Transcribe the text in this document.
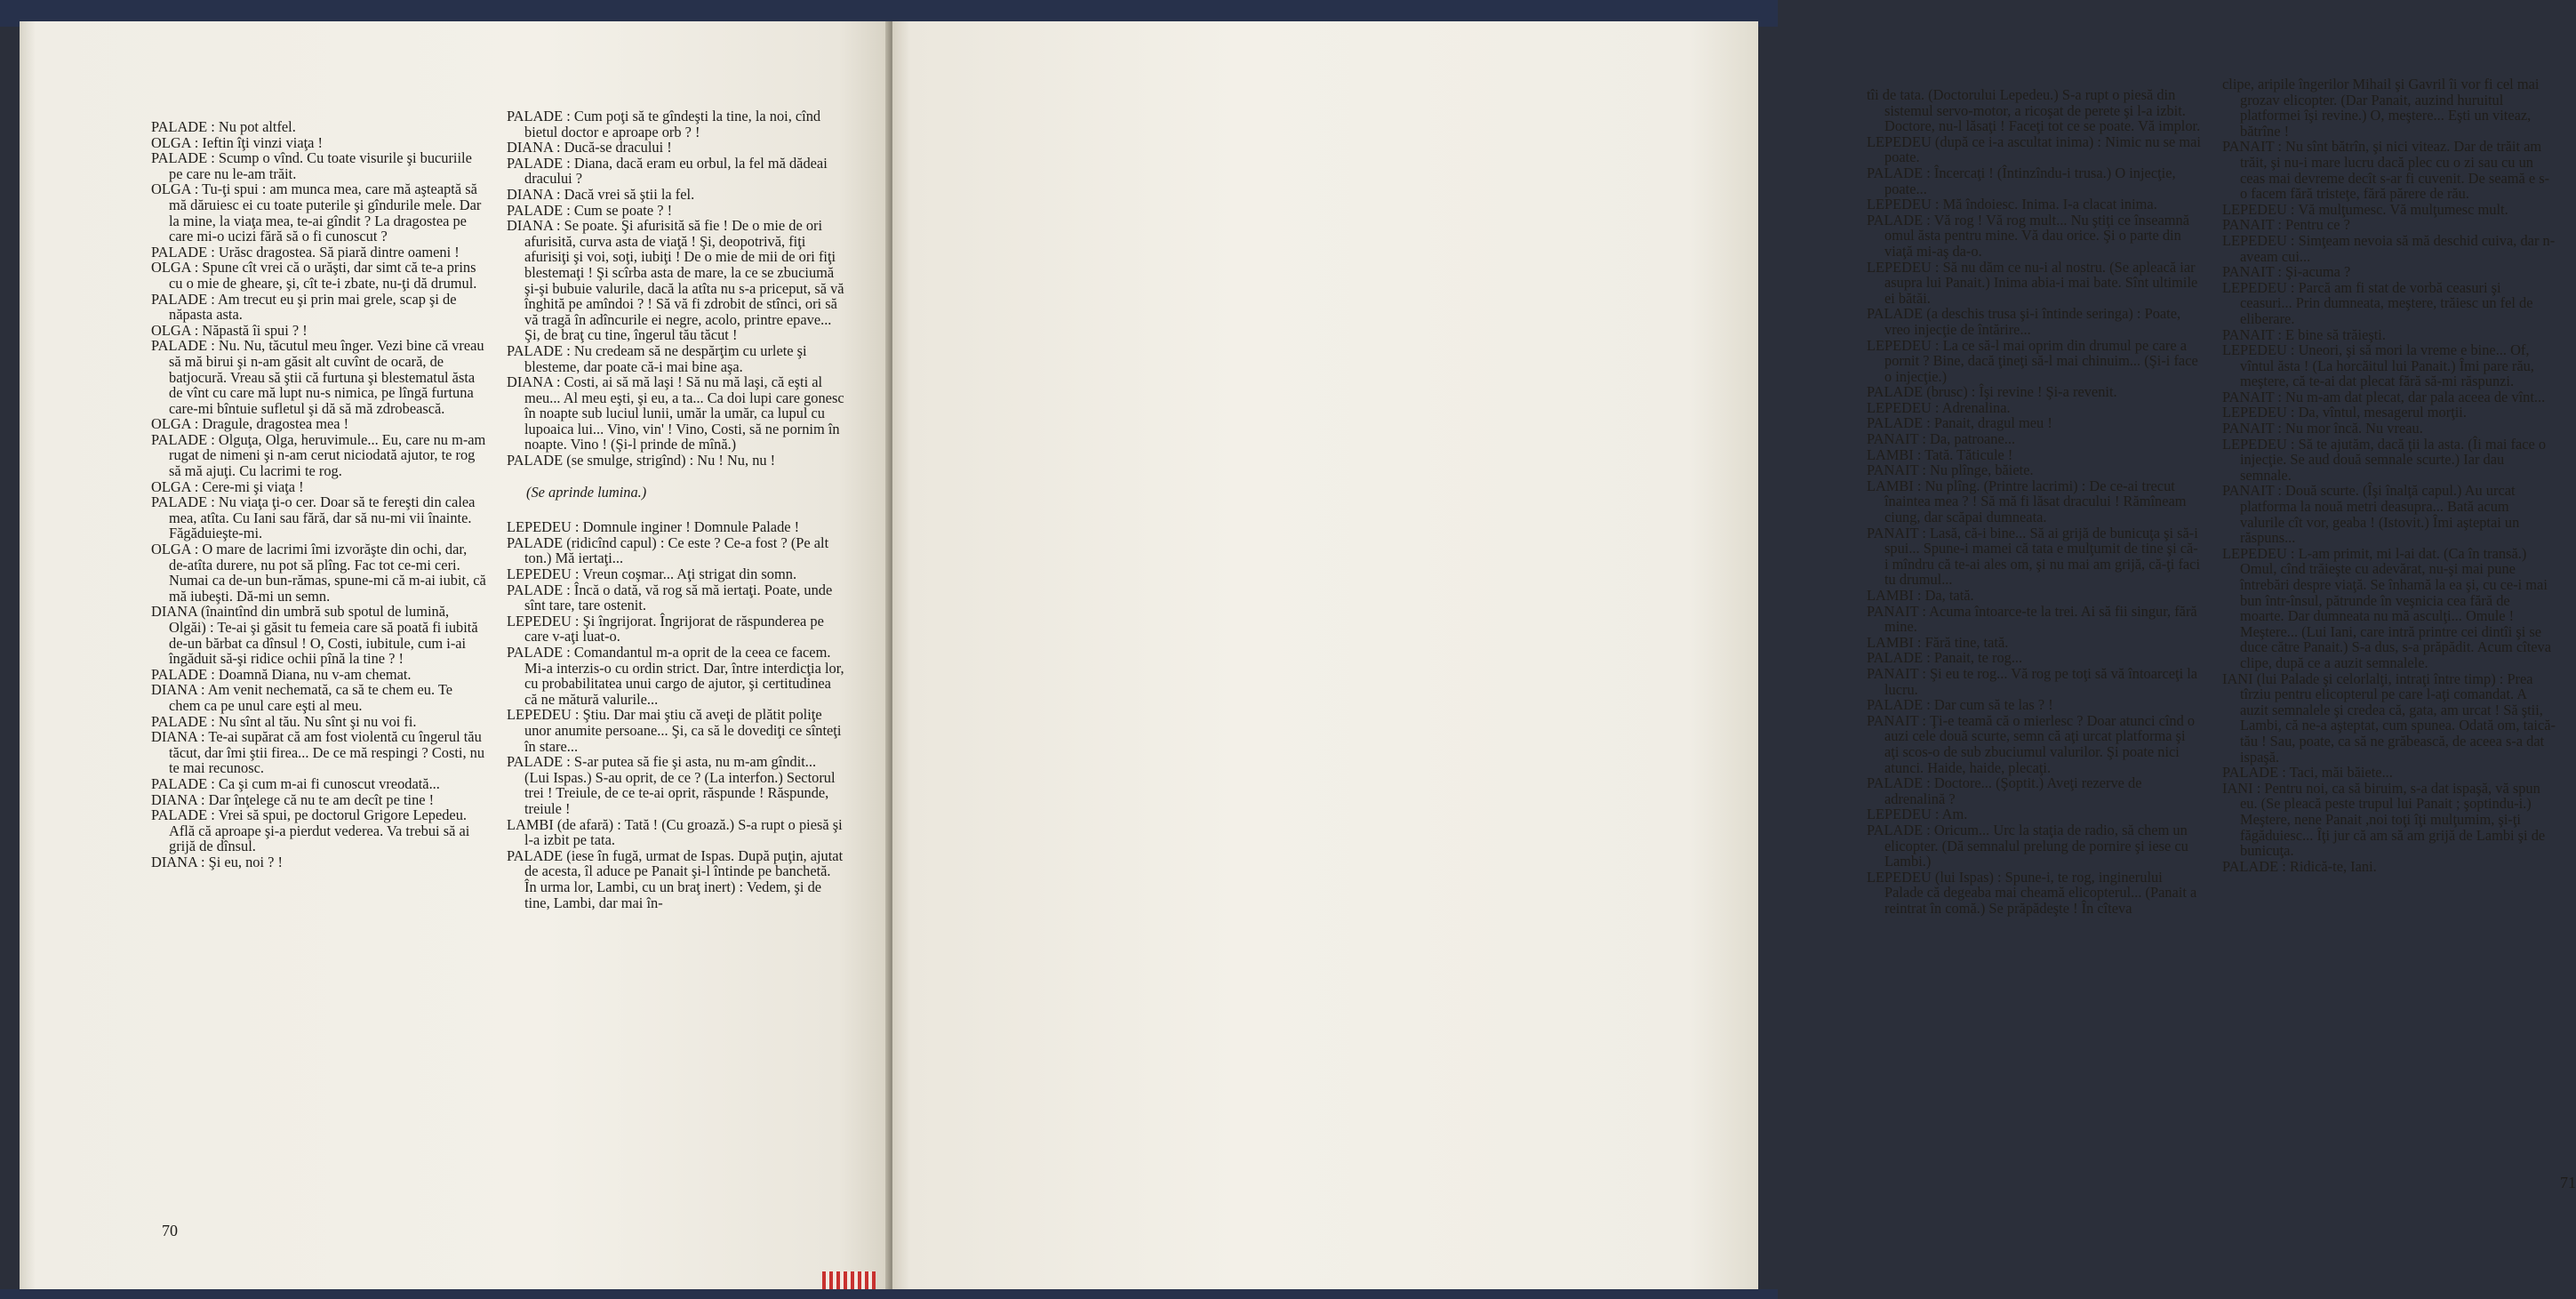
PALADE : Nu pot altfel.

OLGA : Ieftin îţi vinzi viaţa !

PALADE : Scump o vînd. Cu toate visurile şi bucuriile pe care nu le-am trăit.

OLGA : Tu-ţi spui : am munca mea, care mă aşteaptă să mă dăruiesc ei cu toate puterile şi gîndurile mele. Dar la mine, la viaţa mea, te-ai gîndit ? La dragostea pe care mi-o ucizi fără să o fi cunoscut ?

PALADE : Urăsc dragostea. Să piară dintre oameni !

OLGA : Spune cît vrei că o urăşti, dar simt că te-a prins cu o mie de gheare, şi, cît te-i zbate, nu-ţi dă drumul.

PALADE : Am trecut eu şi prin mai grele, scap şi de năpasta asta.

OLGA : Năpastă îi spui ? !

PALADE : Nu. Nu, tăcutul meu înger. Vezi bine că vreau să mă birui şi n-am găsit alt cuvînt de ocară, de batjocură. Vreau să ştii că furtuna şi blestematul ăsta de vînt cu care mă lupt nu-s nimica, pe lîngă furtuna care-mi bîntuie sufletul şi dă să mă zdrobească.

OLGA : Dragule, dragostea mea !

PALADE : Olguţa, Olga, heruvimule... Eu, care nu m-am rugat de nimeni şi n-am cerut niciodată ajutor, te rog să mă ajuţi. Cu lacrimi te rog.

OLGA : Cere-mi şi viaţa !

PALADE : Nu viaţa ţi-o cer. Doar să te fereşti din calea mea, atîta. Cu Iani sau fără, dar să nu-mi vii înainte. Făgăduieşte-mi.

OLGA : O mare de lacrimi îmi izvorăşte din ochi, dar, de-atîta durere, nu pot să plîng. Fac tot ce-mi ceri. Numai ca de-un bun-rămas, spune-mi că m-ai iubit, că mă iubeşti. Dă-mi un semn.

DIANA (înaintînd din umbră sub spotul de lumină, Olgăi) : Te-ai şi găsit tu femeia care să poată fi iubită de-un bărbat ca dînsul ! O, Costi, iubitule, cum i-ai îngăduit să-şi ridice ochii pînă la tine ? !

PALADE : Doamnă Diana, nu v-am chemat.

DIANA : Am venit nechemată, ca să te chem eu. Te chem ca pe unul care eşti al meu.

PALADE : Nu sînt al tău. Nu sînt şi nu voi fi.

DIANA : Te-ai supărat că am fost violentă cu îngerul tău tăcut, dar îmi ştii firea... De ce mă respingi ? Costi, nu te mai recunosc.

PALADE : Ca şi cum m-ai fi cunoscut vreodată...

DIANA : Dar înţelege că nu te am decît pe tine !

PALADE : Vrei să spui, pe doctorul Grigore Lepedeu. Află că aproape şi-a pierdut vederea. Va trebui să ai grijă de dînsul.

DIANA : Şi eu, noi ? !

PALADE : Cum poţi să te gîndeşti la tine, la noi, cînd bietul doctor e aproape orb ? !

DIANA : Ducă-se dracului !

PALADE : Diana, dacă eram eu orbul, la fel mă dădeai dracului ?

DIANA : Dacă vrei să ştii la fel.

PALADE : Cum se poate ? !

DIANA : Se poate. Şi afurisită să fie ! De o mie de ori afurisită, curva asta de viaţă ! Şi, deopotrivă, fiţi afurisiţi şi voi, soţi, iubiţi ! De o mie de mii de ori fiţi blestemaţi ! Şi scîrba asta de mare, la ce se zbuciumă şi-şi bubuie valurile, dacă la atîta nu s-a priceput, să vă înghită pe amîndoi ? ! Să vă fi zdrobit de stînci, ori să vă tragă în adîncurile ei negre, acolo, printre epave... Şi, de braţ cu tine, îngerul tău tăcut !

PALADE : Nu credeam să ne despărţim cu urlete şi blesteme, dar poate că-i mai bine aşa.

DIANA : Costi, ai să mă laşi ! Să nu mă laşi, că eşti al meu... Al meu eşti, şi eu, a ta... Ca doi lupi care gonesc în noapte sub luciul lunii, umăr la umăr, ca lupul cu lupoaica lui... Vino, vin' ! Vino, Costi, să ne pornim în noapte. Vino ! (Şi-l prinde de mînă.)

PALADE (se smulge, strigînd) : Nu ! Nu, nu !

(Se aprinde lumina.)

LEPEDEU : Domnule inginer ! Domnule Palade !

PALADE (ridicînd capul) : Ce este ? Ce-a fost ? (Pe alt ton.) Mă iertaţi...

LEPEDEU : Vreun coşmar... Aţi strigat din somn.

PALADE : Încă o dată, vă rog să mă iertaţi. Poate, unde sînt tare, tare ostenit.

LEPEDEU : Şi îngrijorat. Îngrijorat de răspunderea pe care v-aţi luat-o.

PALADE : Comandantul m-a oprit de la ceea ce facem. Mi-a interzis-o cu ordin strict. Dar, între interdicţia lor, cu probabilitatea unui cargo de ajutor, şi certitudinea că ne mătură valurile...

LEPEDEU : Ştiu. Dar mai ştiu că aveţi de plătit poliţe unor anumite persoane... Şi, ca să le dovediţi ce sînteţi în stare...

PALADE : S-ar putea să fie şi asta, nu m-am gîndit... (Lui Ispas.) S-au oprit, de ce ? (La interfon.) Sectorul trei ! Treiule, de ce te-ai oprit, răspunde ! Răspunde, treiule !

LAMBI (de afară) : Tată ! (Cu groază.) S-a rupt o piesă şi l-a izbit pe tata.

PALADE (iese în fugă, urmat de Ispas. După puţin, ajutat de acesta, îl aduce pe Panait şi-l întinde pe banchetă. În urma lor, Lambi, cu un braţ inert) : Vedem, şi de tine, Lambi, dar mai în-

70

tîi de tata. (Doctorului Lepedeu.) S-a rupt o piesă din sistemul servo-motor, a ricoşat de perete şi l-a izbit. Doctore, nu-l lăsaţi ! Faceţi tot ce se poate. Vă implor.

LEPEDEU (după ce i-a ascultat inima) : Nimic nu se mai poate.

PALADE : Încercaţi ! (Întinzîndu-i trusa.) O injecţie, poate...

LEPEDEU : Mă îndoiesc. Inima. I-a clacat inima.

PALADE : Vă rog ! Vă rog mult... Nu ştiţi ce înseamnă omul ăsta pentru mine. Vă dau orice. Şi o parte din viaţă mi-aş da-o.

LEPEDEU : Să nu dăm ce nu-i al nostru. (Se apleacă iar asupra lui Panait.) Inima abia-i mai bate. Sînt ultimile ei bătăi.

PALADE (a deschis trusa şi-i întinde seringa) : Poate, vreo injecţie de întărire...

LEPEDEU : La ce să-l mai oprim din drumul pe care a pornit ? Bine, dacă ţineţi să-l mai chinuim... (Şi-i face o injecţie.)

PALADE (brusc) : Îşi revine ! Şi-a revenit.

LEPEDEU : Adrenalina.

PALADE : Panait, dragul meu !

PANAIT : Da, patroane...

LAMBI : Tată. Tăticule !

PANAIT : Nu plînge, băiete.

LAMBI : Nu plîng. (Printre lacrimi) : De ce-ai trecut înaintea mea ? ! Să mă fi lăsat dracului ! Rămîneam ciung, dar scăpai dumneata.

PANAIT : Lasă, că-i bine... Să ai grijă de bunicuţa şi să-i spui... Spune-i mamei că tata e mulţumit de tine şi că-i mîndru că te-ai ales om, şi nu mai am grijă, că-ţi faci tu drumul...

LAMBI : Da, tată.

PANAIT : Acuma întoarce-te la trei. Ai să fii singur, fără mine.

LAMBI : Fără tine, tată.

PALADE : Panait, te rog...

PANAIT : Şi eu te rog... Vă rog pe toţi să vă întoarceţi la lucru.

PALADE : Dar cum să te las ? !

PANAIT : Ţi-e teamă că o mierlesc ? Doar atunci cînd o auzi cele două scurte, semn că aţi urcat platforma şi aţi scos-o de sub zbuciumul valurilor. Şi poate nici atunci. Haide, haide, plecaţi.

PALADE : Doctore... (Şoptit.) Aveţi rezerve de adrenalină ?

LEPEDEU : Am.

PALADE : Oricum... Urc la staţia de radio, să chem un elicopter. (Dă semnalul prelung de pornire şi iese cu Lambi.)

LEPEDEU (lui Ispas) : Spune-i, te rog, inginerului Palade că degeaba mai cheamă elicopterul... (Panait a reintrat în comă.) Se prăpădeşte ! În cîteva

clipe, aripile îngerilor Mihail şi Gavril îi vor fi cel mai grozav elicopter. (Dar Panait, auzind huruitul platformei îşi revine.) O, meştere... Eşti un viteaz, bătrîne !

PANAIT : Nu sînt bătrîn, şi nici viteaz. Dar de trăit am trăit, şi nu-i mare lucru dacă plec cu o zi sau cu un ceas mai devreme decît s-ar fi cuvenit. De seamă e s-o facem fără tristeţe, fără părere de rău.

LEPEDEU : Vă mulţumesc. Vă mulţumesc mult.

PANAIT : Pentru ce ?

LEPEDEU : Simţeam nevoia să mă deschid cuiva, dar n-aveam cui...

PANAIT : Şi-acuma ?

LEPEDEU : Parcă am fi stat de vorbă ceasuri şi ceasuri... Prin dumneata, meştere, trăiesc un fel de eliberare.

PANAIT : E bine să trăieşti.

LEPEDEU : Uneori, şi să mori la vreme e bine... Of, vîntul ăsta ! (La horcăitul lui Panait.) Îmi pare rău, meştere, că te-ai dat plecat fără să-mi răspunzi.

PANAIT : Nu m-am dat plecat, dar pala aceea de vînt...

LEPEDEU : Da, vîntul, mesagerul morţii.

PANAIT : Nu mor încă. Nu vreau.

LEPEDEU : Să te ajutăm, dacă ţii la asta. (Îi mai face o injecţie. Se aud două semnale scurte.) Iar dau semnale.

PANAIT : Două scurte. (Îşi înalţă capul.) Au urcat platforma la nouă metri deasupra... Bată acum valurile cît vor, geaba ! (Istovit.) Îmi aşteptai un răspuns...

LEPEDEU : L-am primit, mi l-ai dat. (Ca în transă.) Omul, cînd trăieşte cu adevărat, nu-şi mai pune întrebări despre viaţă. Se înhamă la ea şi, cu ce-i mai bun într-însul, pătrunde în veşnicia cea fără de moarte. Dar dumneata nu mă asculţi... Omule ! Meştere... (Lui Iani, care intră printre cei dintîi şi se duce către Panait.) S-a dus, s-a prăpădit. Acum cîteva clipe, după ce a auzit semnalele.

IANI (lui Palade şi celorlalţi, intraţi între timp) : Prea tîrziu pentru elicopterul pe care l-aţi comandat. A auzit semnalele şi credea că, gata, am urcat ! Să ştii, Lambi, că ne-a aşteptat, cum spunea. Odată om, taică-tău ! Sau, poate, ca să ne grăbească, de aceea s-a dat ispaşă.

PALADE : Taci, măi băiete...

IANI : Pentru noi, ca să biruim, s-a dat ispaşă, vă spun eu. (Se pleacă peste trupul lui Panait ; şoptindu-i.) Meştere, nene Panait ,noi toţi îţi mulţumim, şi-ţi făgăduiesc... Îţi jur că am să am grijă de Lambi şi de bunicuţa.

PALADE : Ridică-te, Iani.

71
